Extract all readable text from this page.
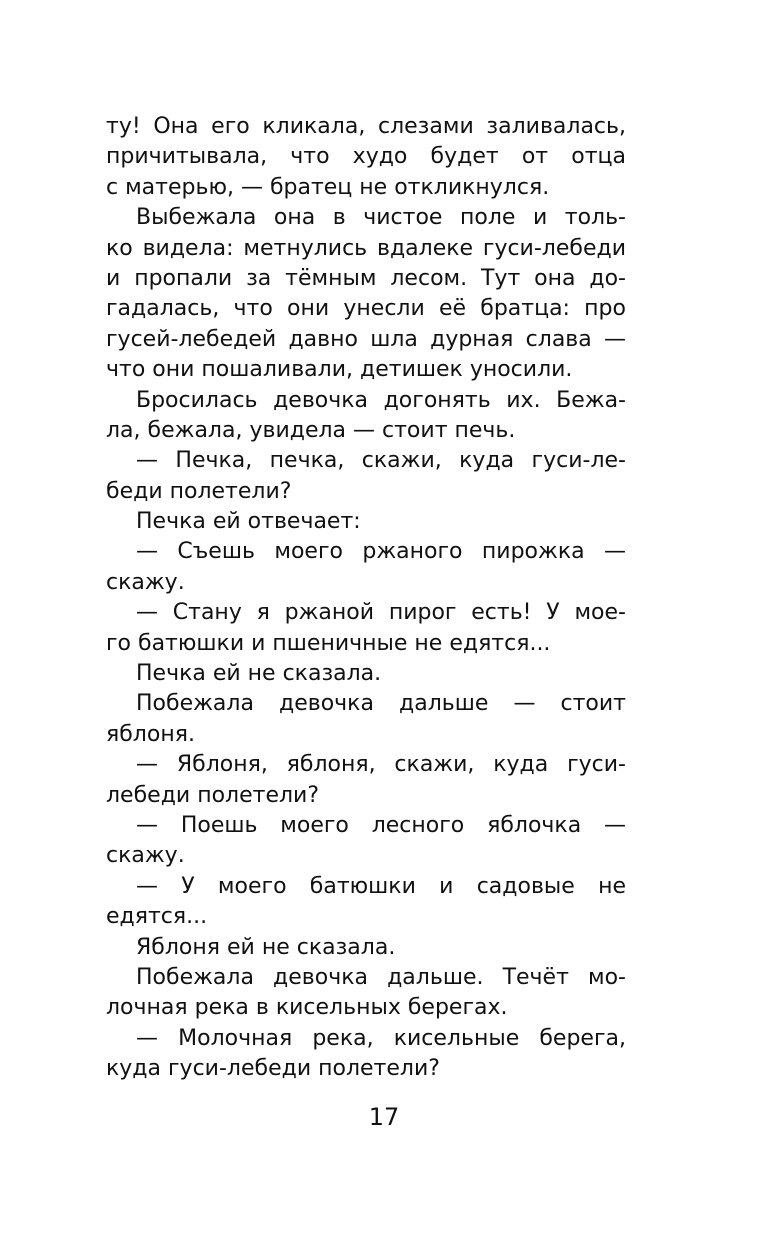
ту! Она его кликала, слезами заливалась,
причитывала, что худо будет от отца
с матерью, — братец не откликнулся.
Выбежала она в чистое поле и толь-
ко видела: метнулись вдалеке гуси-лебеди
и пропали за тёмным лесом. Тут она до-
гадалась, что они унесли её братца: про
гусей-лебедей давно шла дурная слава —
что они пошаливали, детишек уносили.
Бросилась девочка догонять их. Бежа-
ла, бежала, увидела — стоит печь.
— Печка, печка, скажи, куда гуси-ле-
беди полетели?
Печка ей отвечает:
— Съешь моего ржаного пирожка —
скажу.
— Стану я ржаной пирог есть! У мое-
го батюшки и пшеничные не едятся...
Печка ей не сказала.
Побежала девочка дальше — стоит
яблоня.
— Яблоня, яблоня, скажи, куда гуси-
лебеди полетели?
— Поешь моего лесного яблочка —
скажу.
— У моего батюшки и садовые не
едятся...
Яблоня ей не сказала.
Побежала девочка дальше. Течёт мо-
лочная река в кисельных берегах.
— Молочная река, кисельные берега,
куда гуси-лебеди полетели?
17
